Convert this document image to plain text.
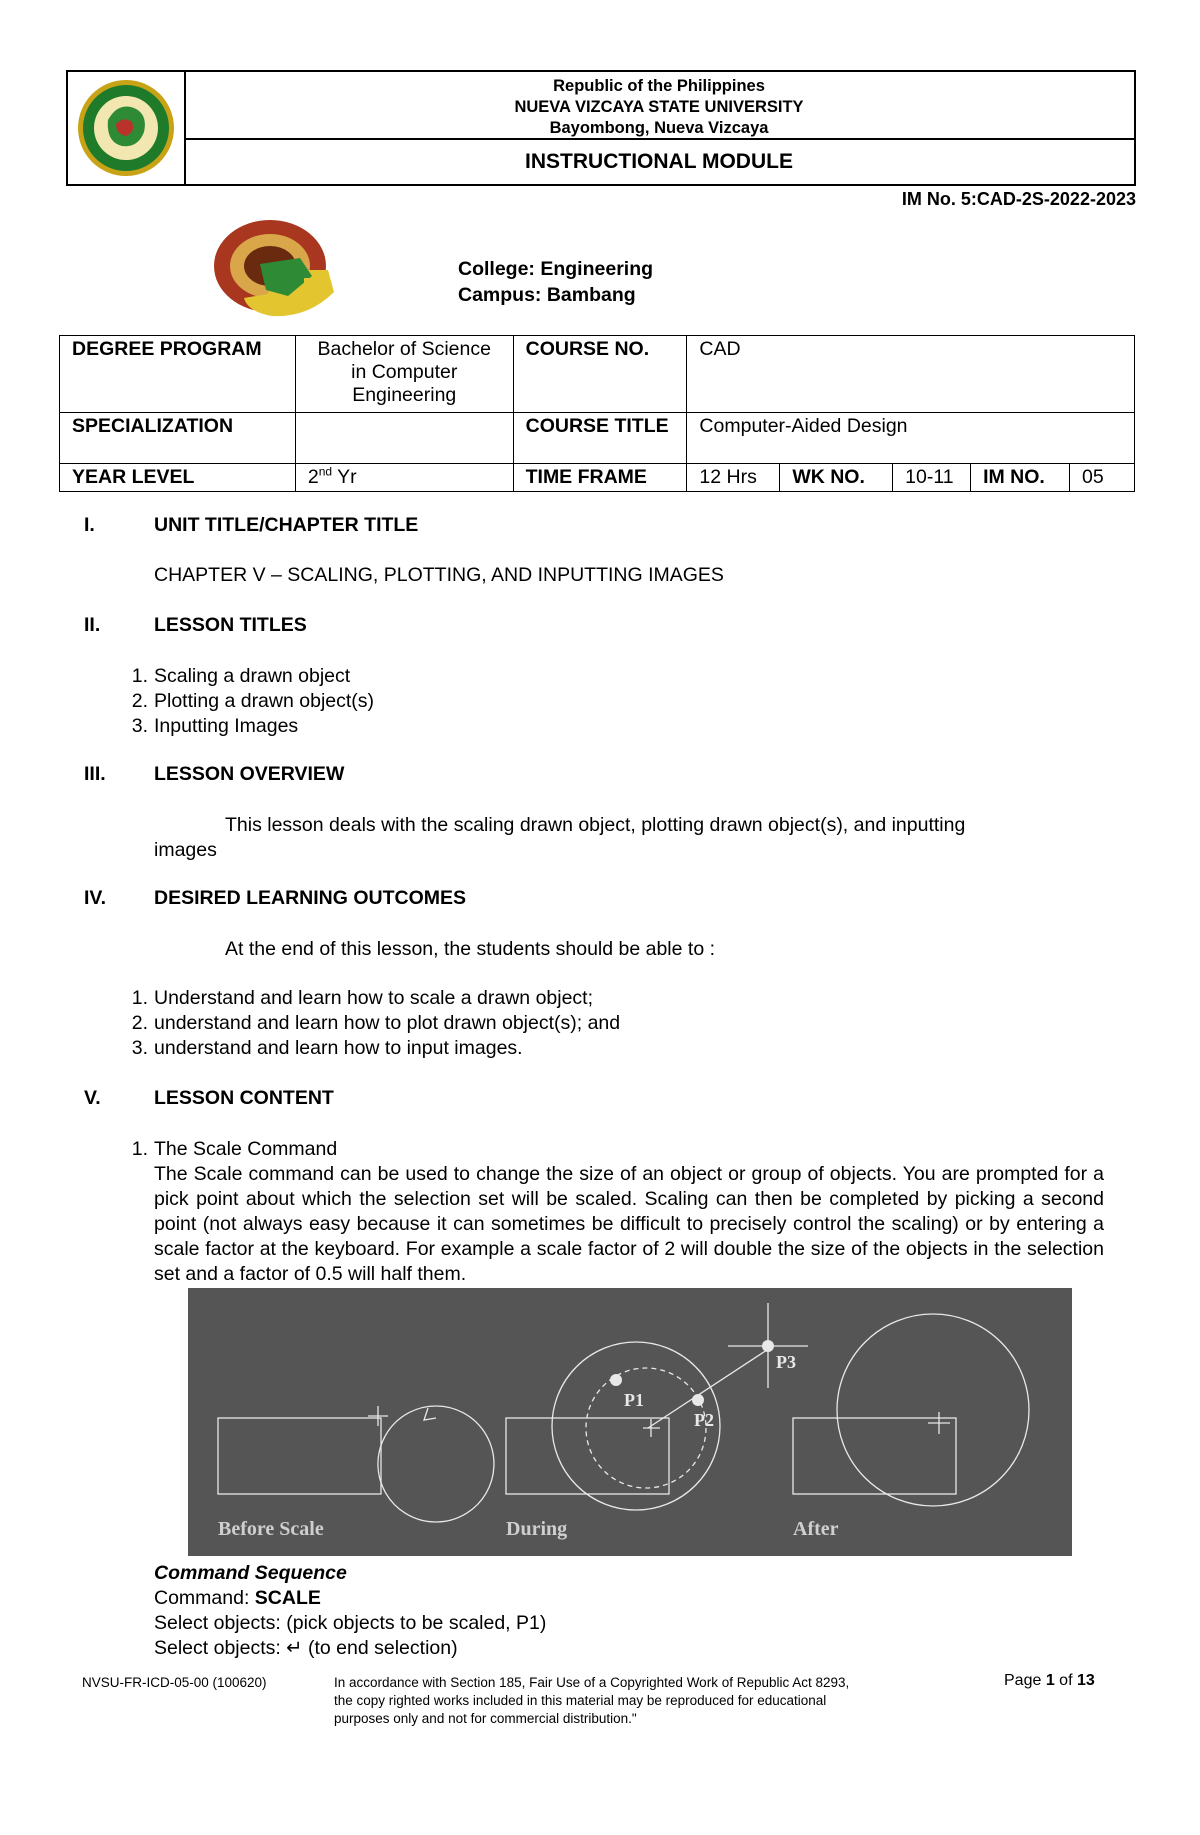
Republic of the Philippines
NUEVA VIZCAYA STATE UNIVERSITY
Bayombong, Nueva Vizcaya
INSTRUCTIONAL MODULE
IM No. 5:CAD-2S-2022-2023
College: Engineering
Campus: Bambang
DEGREE PROGRAM	Bachelor of Science in Computer Engineering	COURSE NO.	CAD				
SPECIALIZATION		COURSE TITLE	Computer-Aided Design				
YEAR LEVEL	2nd Yr	TIME FRAME	12 Hrs	WK NO.	10-11	IM NO.	05
I.	UNIT TITLE/CHAPTER TITLE
CHAPTER V – SCALING, PLOTTING, AND INPUTTING IMAGES
II.	LESSON TITLES
1. Scaling a drawn object
2. Plotting a drawn object(s)
3. Inputting Images
III. LESSON OVERVIEW
This lesson deals with the scaling drawn object, plotting drawn object(s), and inputting
images
IV. DESIRED LEARNING OUTCOMES
At the end of this lesson, the students should be able to :
1. Understand and learn how to scale a drawn object;
2. understand and learn how to plot drawn object(s); and
3. understand and learn how to input images.
V.	LESSON CONTENT
1. The Scale Command
The Scale command can be used to change the size of an object or group of objects. You are prompted for a pick point about which the selection set will be scaled. Scaling can then be completed by picking a second point (not always easy because it can sometimes be difficult to precisely control the scaling) or by entering a scale factor at the keyboard. For example a scale factor of 2 will double the size of the objects in the selection set and a factor of 0.5 will half them.
P1
P2
P3
Before Scale	During	After
Command Sequence
Command: SCALE
Select objects: (pick objects to be scaled, P1)
Select objects: ↵ (to end selection)
NVSU-FR-ICD-05-00 (100620)	In accordance with Section 185, Fair Use of a Copyrighted Work of Republic Act 8293,
the copy righted works included in this material may be reproduced for educational
purposes only and not for commercial distribution."
Page 1 of 13
